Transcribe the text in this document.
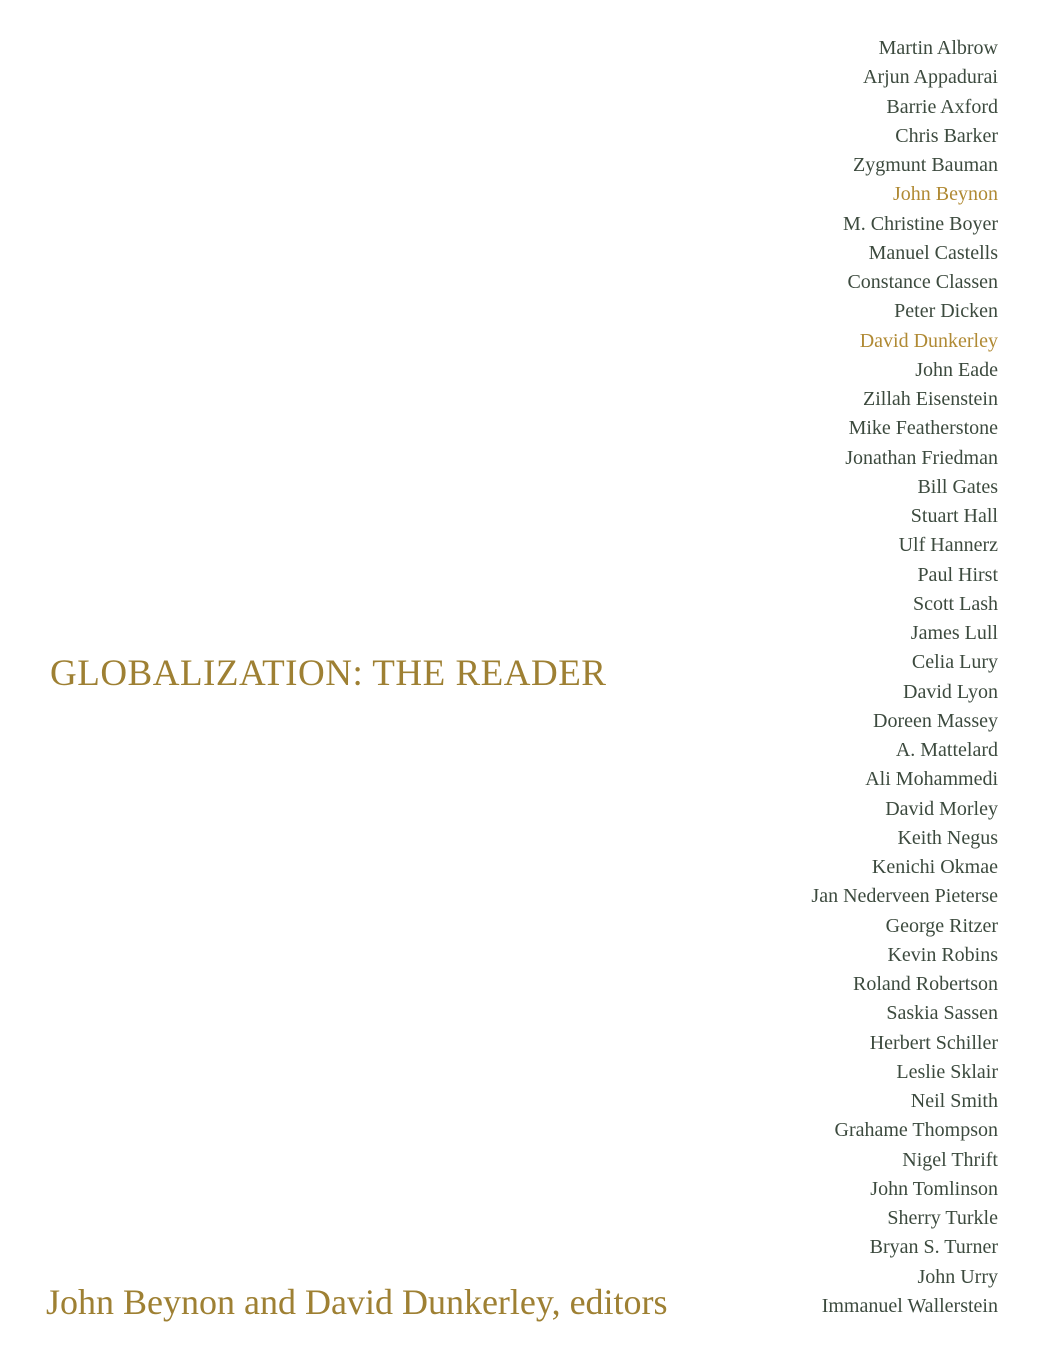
GLOBALIZATION: THE READER
Martin Albrow
Arjun Appadurai
Barrie Axford
Chris Barker
Zygmunt Bauman
John Beynon
M. Christine Boyer
Manuel Castells
Constance Classen
Peter Dicken
David Dunkerley
John Eade
Zillah Eisenstein
Mike Featherstone
Jonathan Friedman
Bill Gates
Stuart Hall
Ulf Hannerz
Paul Hirst
Scott Lash
James Lull
Celia Lury
David Lyon
Doreen Massey
A. Mattelard
Ali Mohammedi
David Morley
Keith Negus
Kenichi Okmae
Jan Nederveen Pieterse
George Ritzer
Kevin Robins
Roland Robertson
Saskia Sassen
Herbert Schiller
Leslie Sklair
Neil Smith
Grahame Thompson
Nigel Thrift
John Tomlinson
Sherry Turkle
Bryan S. Turner
John Urry
Immanuel Wallerstein

John Beynon and David Dunkerley, editors
